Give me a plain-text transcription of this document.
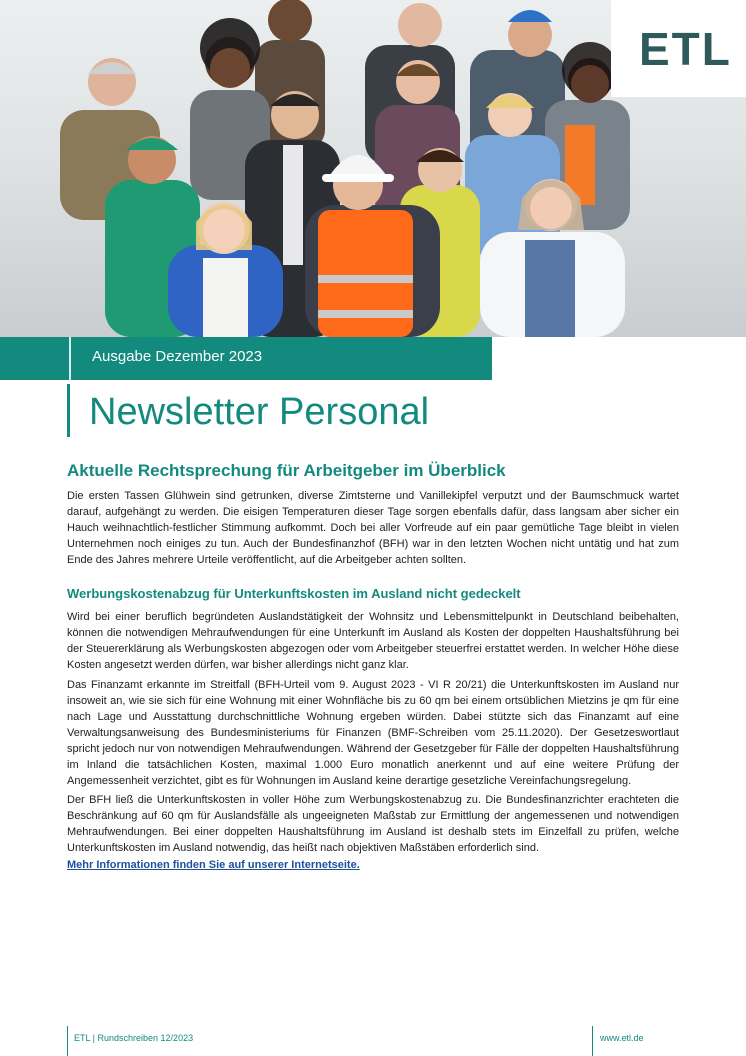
ETL
Ausgabe Dezember 2023
Newsletter Personal
Aktuelle Rechtsprechung für Arbeitgeber im Überblick
Die ersten Tassen Glühwein sind getrunken, diverse Zimtsterne und Vanillekipfel verputzt und der Baumschmuck wartet darauf, aufgehängt zu werden. Die eisigen Temperaturen dieser Tage sorgen ebenfalls dafür, dass langsam aber sicher ein Hauch weihnachtlich-festlicher Stimmung aufkommt. Doch bei aller Vorfreude auf ein paar gemütliche Tage bleibt in vielen Unternehmen noch einiges zu tun. Auch der Bundesfinanzhof (BFH) war in den letzten Wochen nicht untätig und hat zum Ende des Jahres mehrere Urteile veröffentlicht, auf die Arbeitgeber achten sollten.
Werbungskostenabzug für Unterkunftskosten im Ausland nicht gedeckelt
Wird bei einer beruflich begründeten Auslandstätigkeit der Wohnsitz und Lebensmittelpunkt in Deutschland beibehalten, können die notwendigen Mehraufwendungen für eine Unterkunft im Ausland als Kosten der doppelten Haushaltsführung bei der Steuererklärung als Werbungskosten abgezogen oder vom Arbeitgeber steuerfrei erstattet werden. In welcher Höhe diese Kosten angesetzt werden dürfen, war bisher allerdings nicht ganz klar.
Das Finanzamt erkannte im Streitfall (BFH-Urteil vom 9. August 2023 - VI R 20/21) die Unterkunftskosten im Ausland nur insoweit an, wie sie sich für eine Wohnung mit einer Wohnfläche bis zu 60 qm bei einem ortsüblichen Mietzins je qm für eine nach Lage und Ausstattung durchschnittliche Wohnung ergeben würden. Dabei stützte sich das Finanzamt auf eine Verwaltungsanweisung des Bundesministeriums für Finanzen (BMF-Schreiben vom 25.11.2020). Der Gesetzeswortlaut spricht jedoch nur von notwendigen Mehraufwendungen. Während der Gesetzgeber für Fälle der doppelten Haushaltsführung im Inland die tatsächlichen Kosten, maximal 1.000 Euro monatlich anerkennt und auf eine weitere Prüfung der Angemessenheit verzichtet, gibt es für Wohnungen im Ausland keine derartige gesetzliche Vereinfachungsregelung.
Der BFH ließ die Unterkunftskosten in voller Höhe zum Werbungskostenabzug zu. Die Bundesfinanzrichter erachteten die Beschränkung auf 60 qm für Auslandsfälle als ungeeigneten Maßstab zur Ermittlung der angemessenen und notwendigen Mehraufwendungen. Bei einer doppelten Haushaltsführung im Ausland ist deshalb stets im Einzelfall zu prüfen, welche Unterkunftskosten im Ausland notwendig, das heißt nach objektiven Maßstäben erforderlich sind.
Mehr Informationen finden Sie auf unserer Internetseite.
ETL | Rundschreiben 12/2023	www.etl.de
